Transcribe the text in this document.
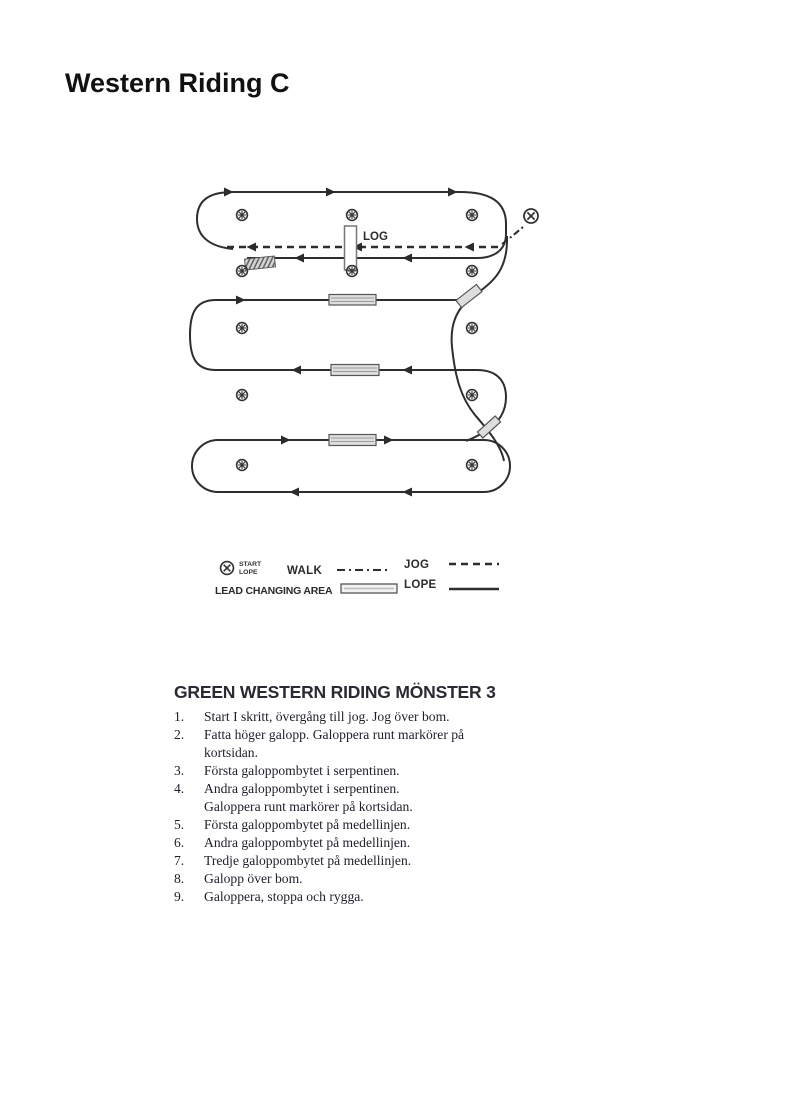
Western Riding C
LOG
START
LOPE	WALK	JOG
LEAD CHANGING AREA	LOPE
GREEN WESTERN RIDING MÖNSTER 3
1.	Start I skritt, övergång till jog. Jog över bom.
2.	Fatta höger galopp. Galoppera runt markörer på
kortsidan.
3.	Första galoppombytet i serpentinen.
4.	Andra galoppombytet i serpentinen.
Galoppera runt markörer på kortsidan.
5.	Första galoppombytet på medellinjen.
6.	Andra galoppombytet på medellinjen.
7.	Tredje galoppombytet på medellinjen.
8.	Galopp över bom.
9.	Galoppera, stoppa och rygga.
